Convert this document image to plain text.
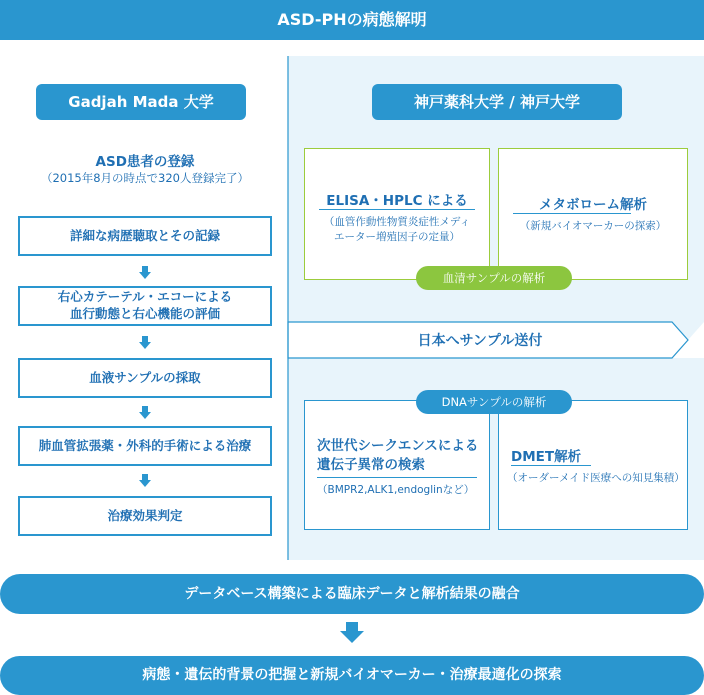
ASD-PHの病態解明
Gadjah Mada 大学
ASD患者の登録
（2015年8月の時点で320人登録完了）
詳細な病歴聴取とその記録
右心カテーテル・エコーによる
血行動態と右心機能の評価
血液サンプルの採取
肺血管拡張薬・外科的手術による治療
治療効果判定
神戸薬科大学 / 神戸大学
ELISA・HPLC による
（血管作動性物質炎症性メディ
エーター増殖因子の定量）
メタボローム解析
（新規バイオマーカーの探索）
血清サンプルの解析
日本へサンプル送付
次世代シークエンスによる
遺伝子異常の検索
（BMPR2,ALK1,endoglinなど）
DMET解析
（オーダーメイド医療への知見集積）
DNAサンプルの解析
データベース構築による臨床データと解析結果の融合
病態・遺伝的背景の把握と新規バイオマーカー・治療最適化の探索
